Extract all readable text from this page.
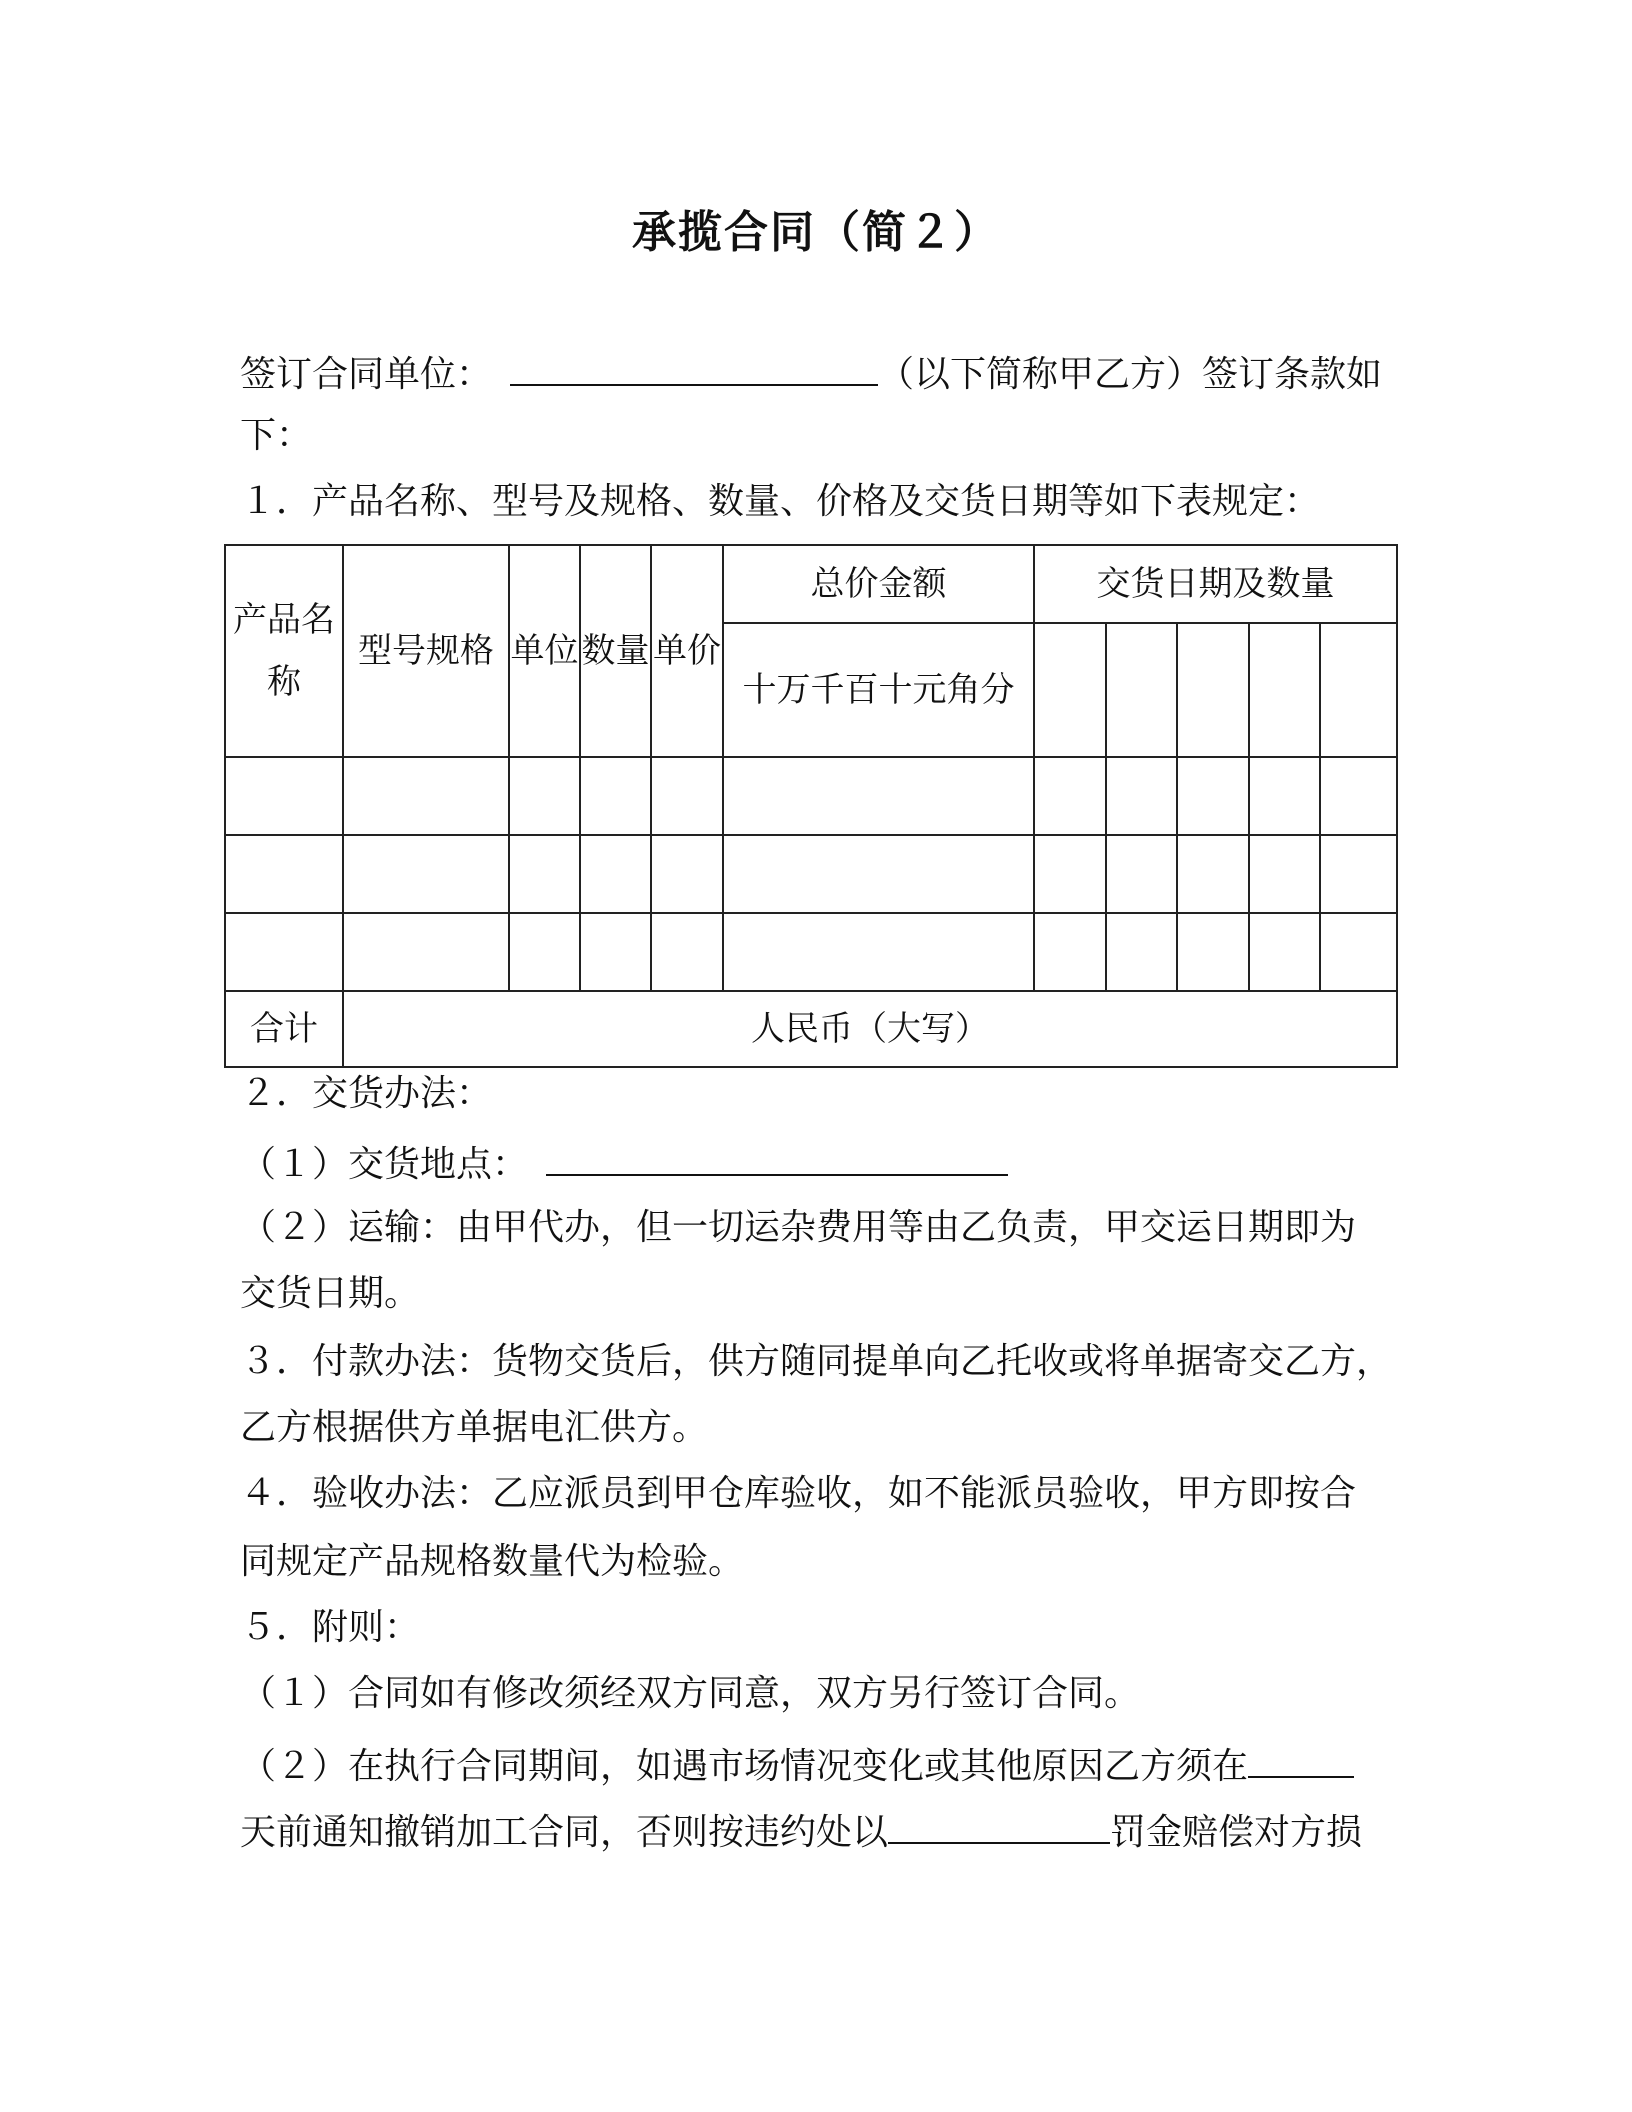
承揽合同（简２）
签订合同单位：	（以下简称甲乙方）签订条款如
下：
１．产品名称、型号及规格、数量、价格及交货日期等如下表规定：
产品名称	型号规格	单位	数量	单价	总价金额	交货日期及数量				
					十万千百十元角分					

合计	人民币（大写）									
２．交货办法：
（１）交货地点：
（２）运输：由甲代办，但一切运杂费用等由乙负责，甲交运日期即为
交货日期。
３．付款办法：货物交货后，供方随同提单向乙托收或将单据寄交乙方，
乙方根据供方单据电汇供方。
４．验收办法：乙应派员到甲仓库验收，如不能派员验收，甲方即按合
同规定产品规格数量代为检验。
５．附则：
（１）合同如有修改须经双方同意，双方另行签订合同。
（２）在执行合同期间，如遇市场情况变化或其他原因乙方须在
天前通知撤销加工合同，否则按违约处以	罚金赔偿对方损
